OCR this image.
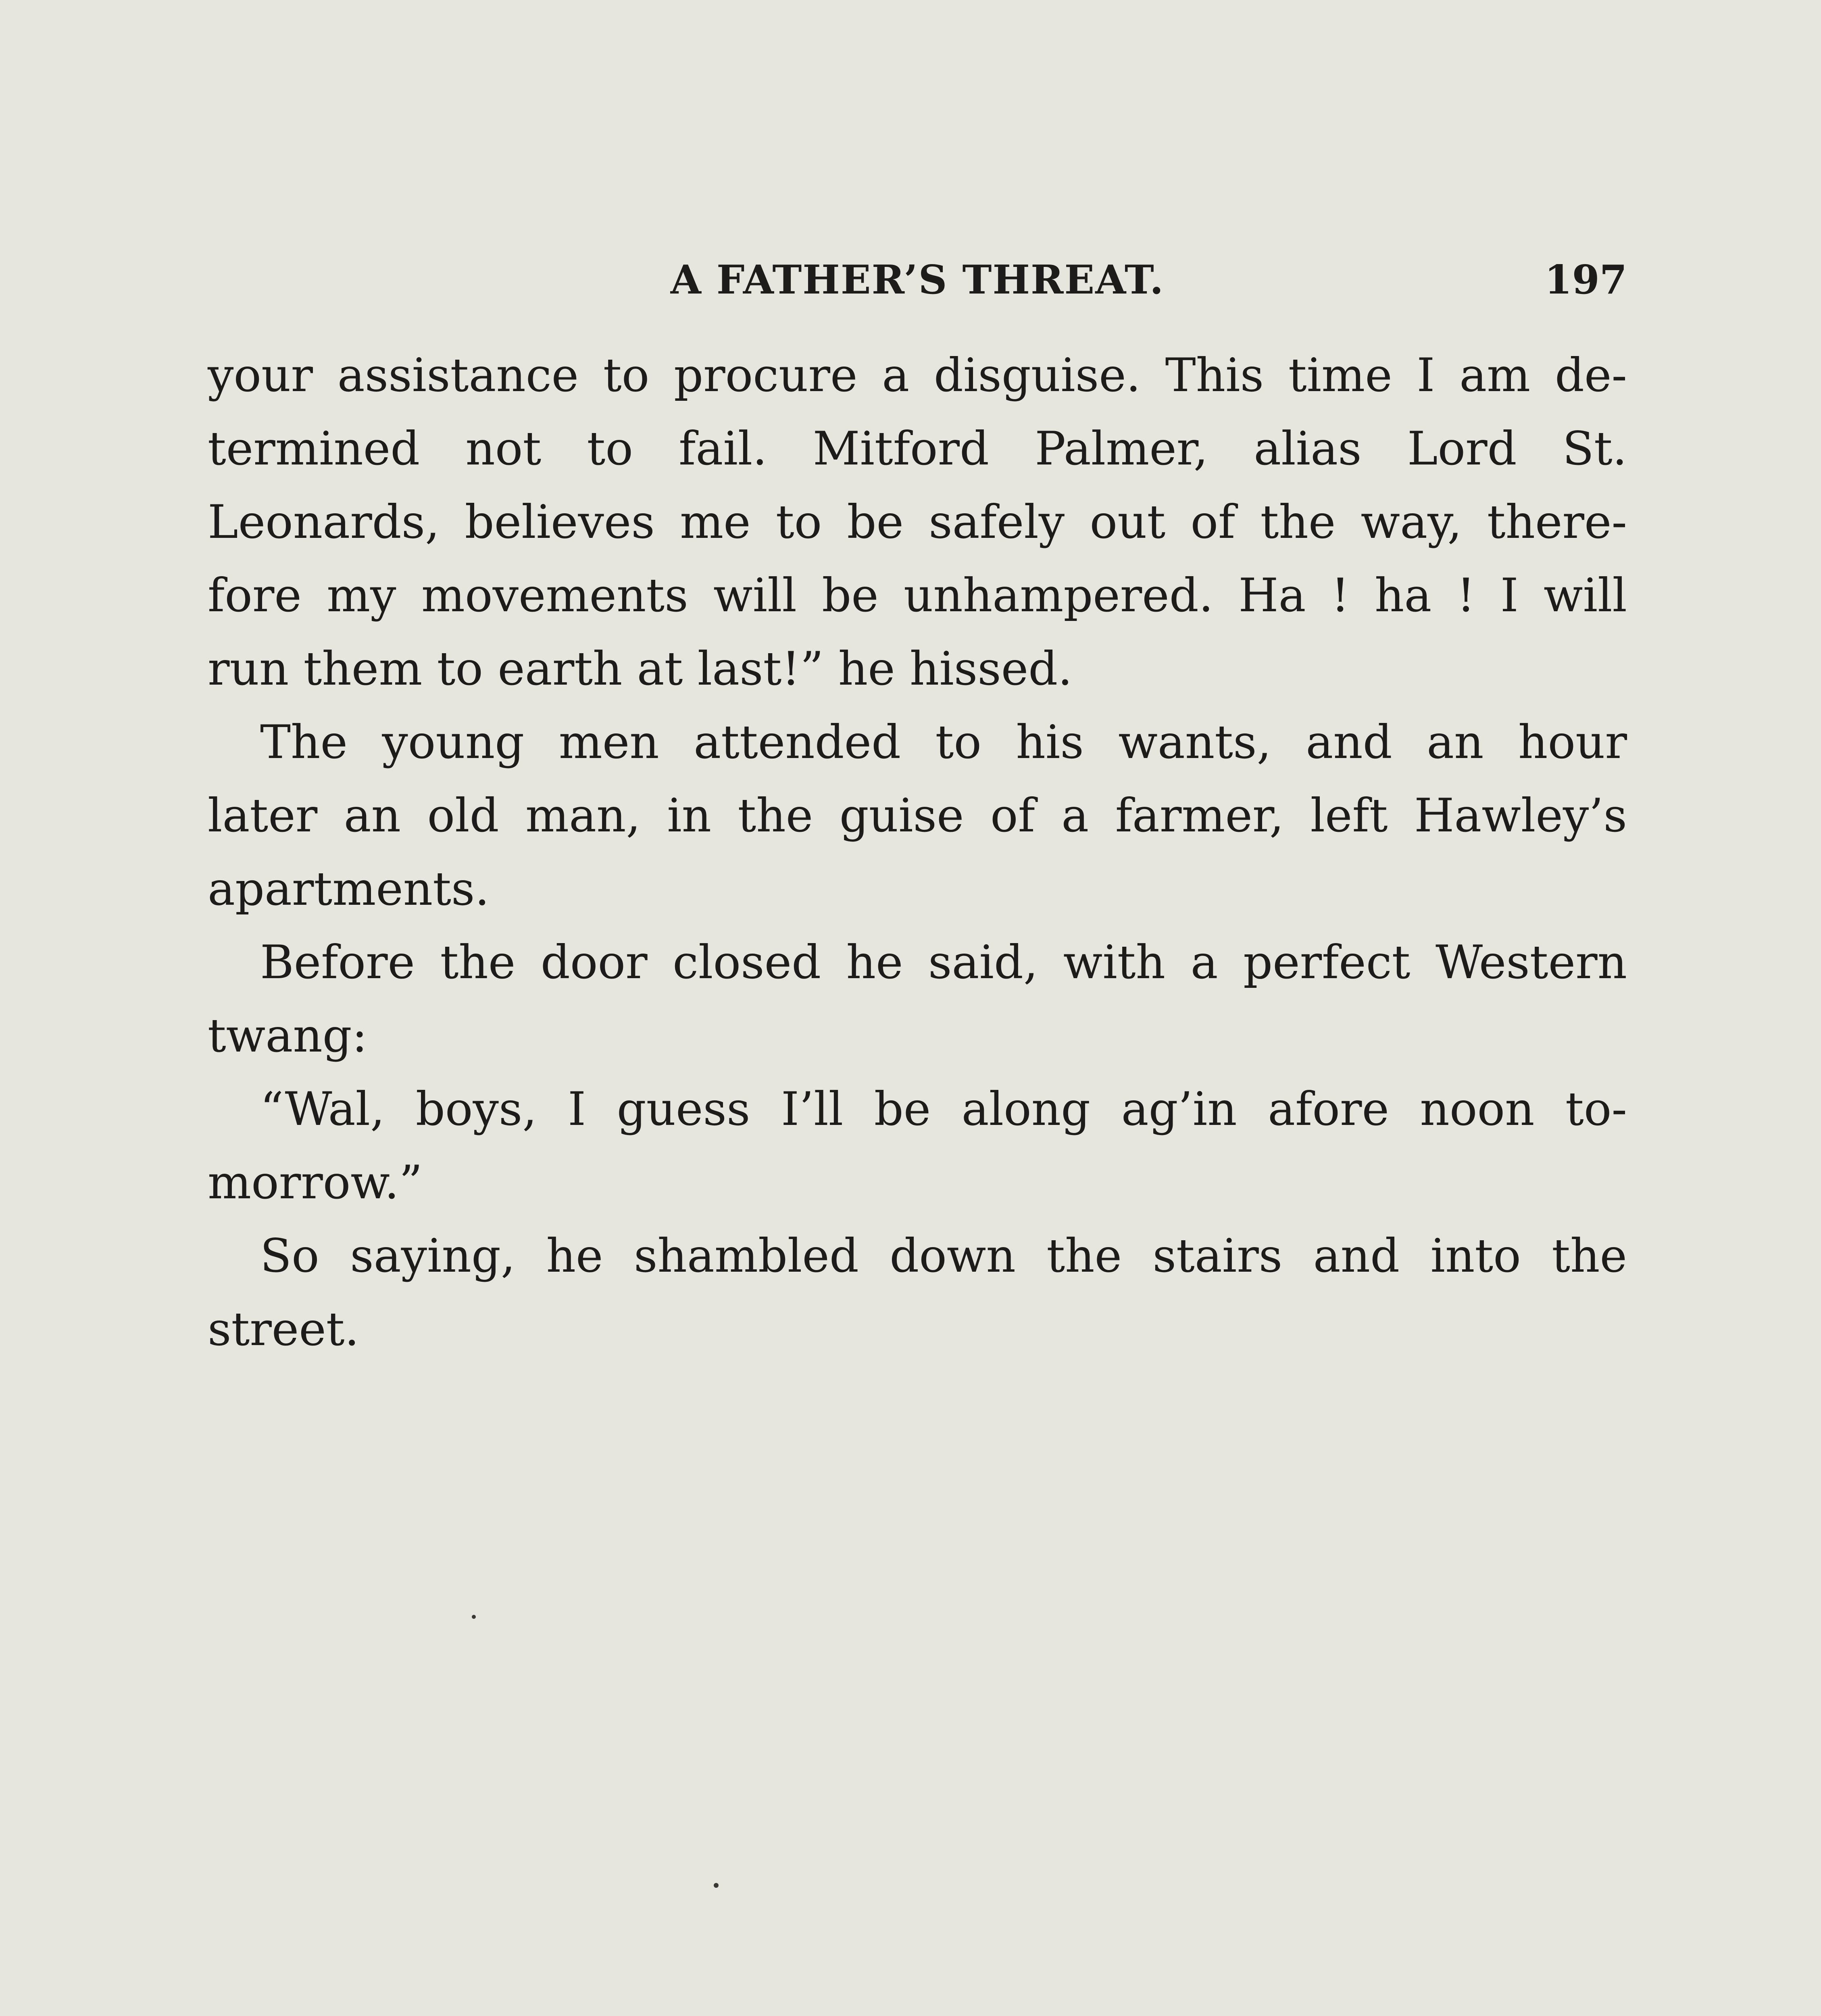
A FATHER’S THREAT.	197

your assistance to procure a disguise. This time I am de-
termined not to fail. Mitford Palmer, alias Lord St.
Leonards, believes me to be safely out of the way, there-
fore my movements will be unhampered. Ha ! ha ! I will
run them to earth at last!” he hissed.

The young men attended to his wants, and an hour
later an old man, in the guise of a farmer, left Hawley’s
apartments.

Before the door closed he said, with a perfect Western
twang:

“Wal, boys, I guess I’ll be along ag’in afore noon to-
morrow.”

So saying, he shambled down the stairs and into the
street.
